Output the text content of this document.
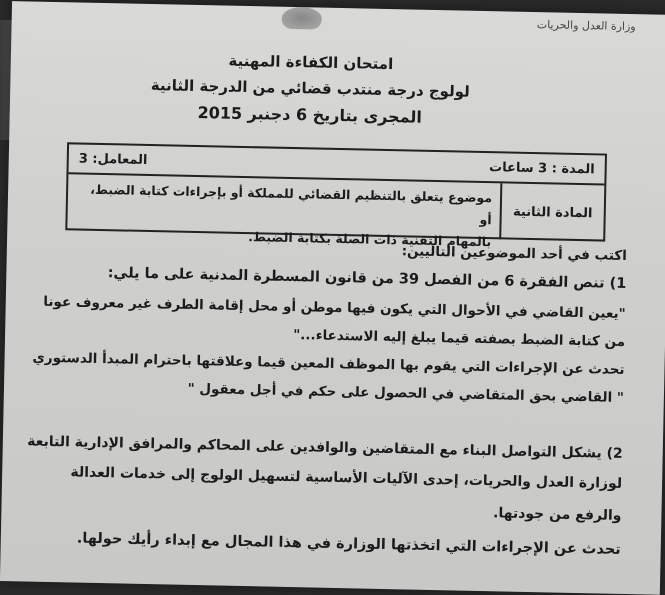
وزارة العدل والحريات
امتحان الكفاءة المهنية
لولوج درجة منتدب قضائي من الدرجة الثانية
المجرى بتاريخ 6 دجنبر 2015
المدة : 3 ساعات
المعامل: 3
المادة الثانية
موضوع يتعلق بالتنظيم القضائي للمملكة أو بإجراءات كتابة الضبط، أو
بالمهام التقنية ذات الصلة بكتابة الضبط.
اكتب في أحد الموضوعين التاليين:
1) تنص الفقرة 6 من الفصل 39 من قانون المسطرة المدنية على ما يلي:
"يعين القاضي في الأحوال التي يكون فيها موطن أو محل إقامة الطرف غير معروف عونا
من كتابة الضبط بصفته قيما يبلغ إليه الاستدعاء..."
تحدث عن الإجراءات التي يقوم بها الموظف المعين قيما وعلاقتها باحترام المبدأ الدستوري
" القاضي بحق المتقاضي في الحصول على حكم في أجل معقول "
2) يشكل التواصل البناء مع المتقاضين والوافدين على المحاكم والمرافق الإدارية التابعة
لوزارة العدل والحريات، إحدى الآليات الأساسية لتسهيل الولوج إلى خدمات العدالة
والرفع من جودتها.
تحدث عن الإجراءات التي اتخذتها الوزارة في هذا المجال مع إبداء رأيك حولها.
